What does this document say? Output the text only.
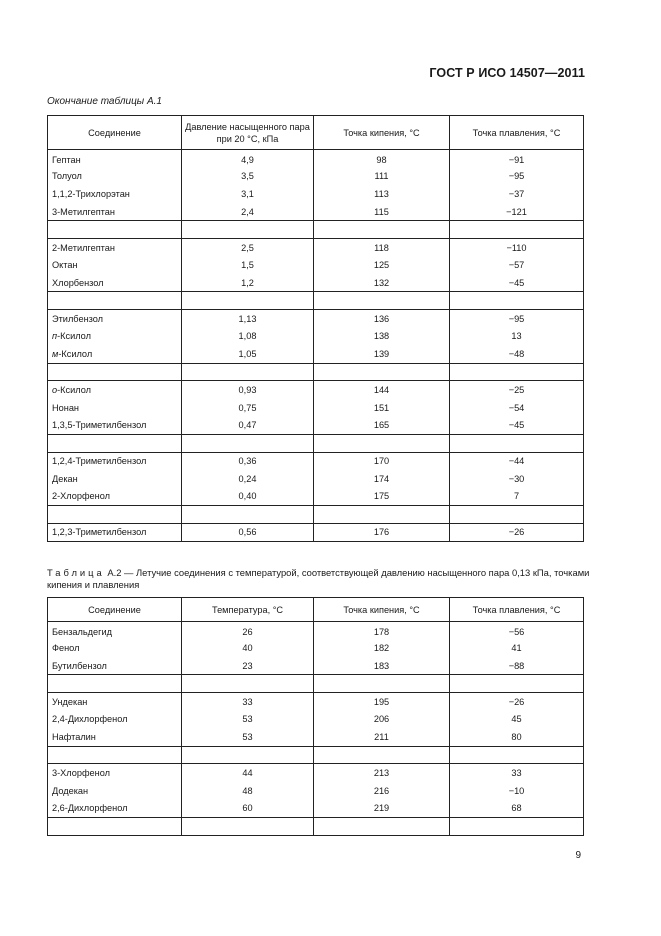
ГОСТ Р ИСО 14507—2011
Окончание таблицы А.1
Соединение	Давление насыщенного пара при 20 °С, кПа	Точка кипения, °С	Точка плавления, °С
Гептан	4,9	98	−91
Толуол	3,5	111	−95
1,1,2-Трихлорэтан	3,1	113	−37
3-Метилгептан	2,4	115	−121

2-Метилгептан	2,5	118	−110
Октан	1,5	125	−57
Хлорбензол	1,2	132	−45

Этилбензол	1,13	136	−95
п-Ксилол	1,08	138	13
м-Ксилол	1,05	139	−48

о-Ксилол	0,93	144	−25
Нонан	0,75	151	−54
1,3,5-Триметилбензол	0,47	165	−45

1,2,4-Триметилбензол	0,36	170	−44
Декан	0,24	174	−30
2-Хлорфенол	0,40	175	7

1,2,3-Триметилбензол	0,56	176	−26
Таблица А.2 — Летучие соединения с температурой, соответствующей давлению насыщенного пара 0,13 кПа, точками кипения и плавления
Соединение	Температура, °С	Точка кипения, °С	Точка плавления, °С
Бензальдегид	26	178	−56
Фенол	40	182	41
Бутилбензол	23	183	−88

Ундекан	33	195	−26
2,4-Дихлорфенол	53	206	45
Нафталин	53	211	80

3-Хлорфенол	44	213	33
Додекан	48	216	−10
2,6-Дихлорфенол	60	219	68

9
